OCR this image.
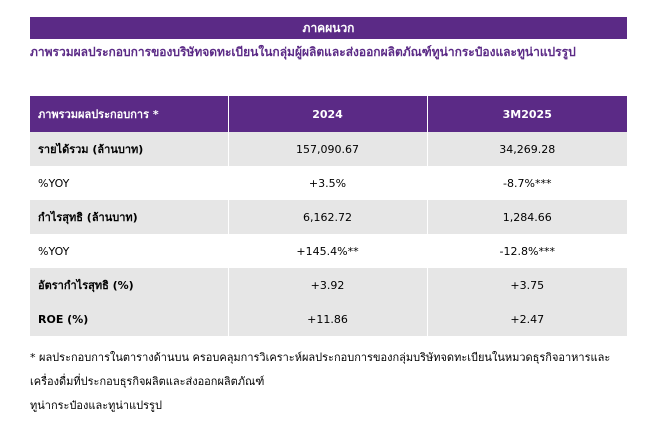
ภาคผนวก
ภาพรวมผลประกอบการของบริษัทจดทะเบียนในกลุ่มผู้ผลิตและส่งออกผลิตภัณฑ์ทูน่ากระป๋องและทูน่าแปรรูป
ภาพรวมผลประกอบการ *	2024	3M2025
รายได้รวม (ล้านบาท)	157,090.67	34,269.28
%YOY	+3.5%	-8.7%***
กำไรสุทธิ (ล้านบาท)	6,162.72	1,284.66
%YOY	+145.4%**	-12.8%***
อัตรากำไรสุทธิ (%)	+3.92	+3.75
ROE (%)	+11.86	+2.47
* ผลประกอบการในตารางด้านบน ครอบคลุมการวิเคราะห์ผลประกอบการของกลุ่มบริษัทจดทะเบียนในหมวดธุรกิจอาหารและ
เครื่องดื่มที่ประกอบธุรกิจผลิตและส่งออกผลิตภัณฑ์
ทูน่ากระป๋องและทูน่าแปรรูป
